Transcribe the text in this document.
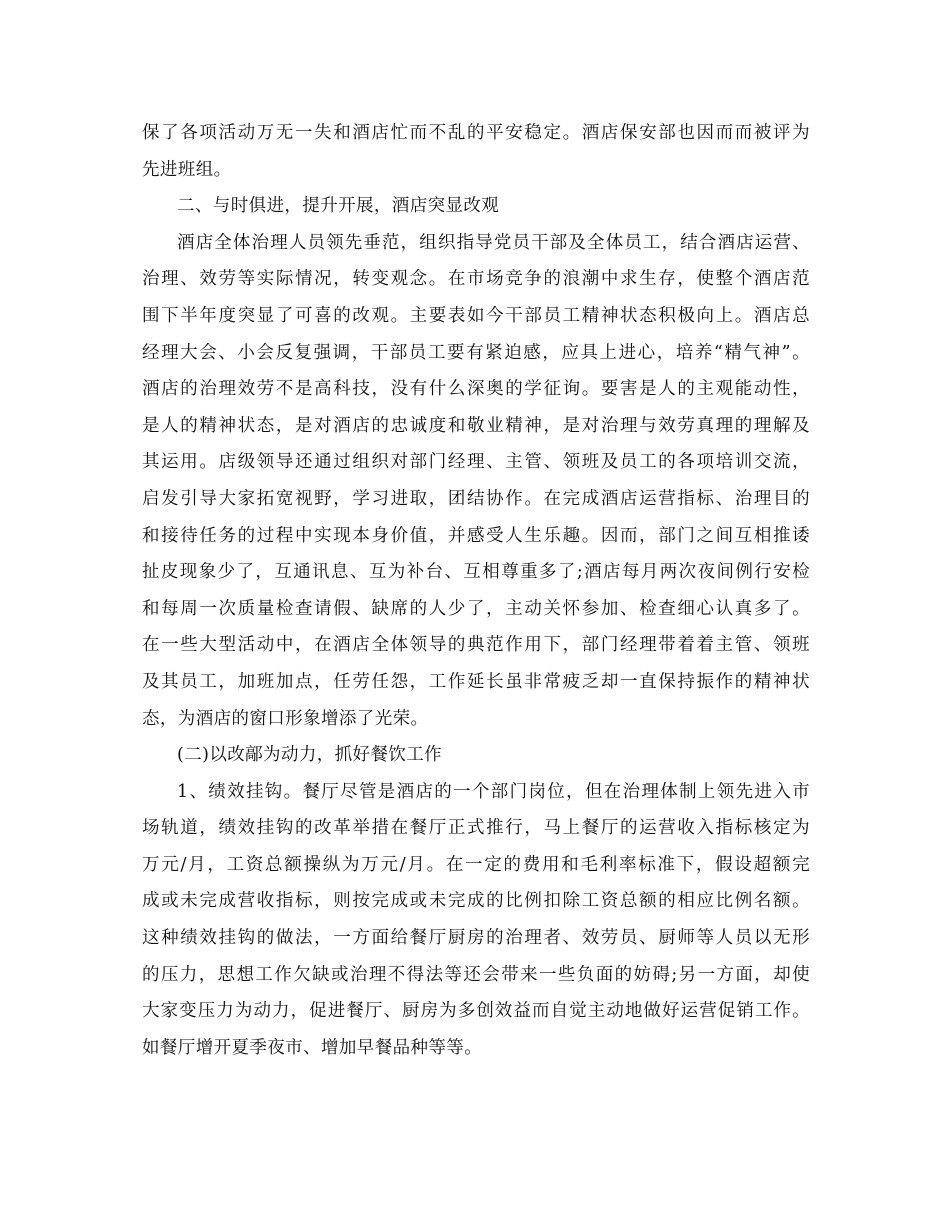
保了各项活动万无一失和酒店忙而不乱的平安稳定。酒店保安部也因而而被评为
先进班组。
二、与时俱进，提升开展，酒店突显改观
酒店全体治理人员领先垂范，组织指导党员干部及全体员工，结合酒店运营、
治理、效劳等实际情况，转变观念。在市场竞争的浪潮中求生存，使整个酒店范
围下半年度突显了可喜的改观。主要表如今干部员工精神状态积极向上。酒店总
经理大会、小会反复强调，干部员工要有紧迫感，应具上进心，培养“精气神”。
酒店的治理效劳不是高科技，没有什么深奥的学征询。要害是人的主观能动性，
是人的精神状态，是对酒店的忠诚度和敬业精神，是对治理与效劳真理的理解及
其运用。店级领导还通过组织对部门经理、主管、领班及员工的各项培训交流，
启发引导大家拓宽视野，学习进取，团结协作。在完成酒店运营指标、治理目的
和接待任务的过程中实现本身价值，并感受人生乐趣。因而，部门之间互相推诿
扯皮现象少了，互通讯息、互为补台、互相尊重多了;酒店每月两次夜间例行安检
和每周一次质量检查请假、缺席的人少了，主动关怀参加、检查细心认真多了。
在一些大型活动中，在酒店全体领导的典范作用下，部门经理带着着主管、领班
及其员工，加班加点，任劳任怨，工作延长虽非常疲乏却一直保持振作的精神状
态，为酒店的窗口形象增添了光荣。
(二)以改鄗为动力，抓好餐饮工作
1、绩效挂钩。餐厅尽管是酒店的一个部门岗位，但在治理体制上领先进入市
场轨道，绩效挂钩的改革举措在餐厅正式推行，马上餐厅的运营收入指标核定为
万元/月，工资总额操纵为万元/月。在一定的费用和毛利率标准下，假设超额完
成或未完成营收指标，则按完成或未完成的比例扣除工资总额的相应比例名额。
这种绩效挂钩的做法，一方面给餐厅厨房的治理者、效劳员、厨师等人员以无形
的压力，思想工作欠缺或治理不得法等还会带来一些负面的妨碍;另一方面，却使
大家变压力为动力，促进餐厅、厨房为多创效益而自觉主动地做好运营促销工作。
如餐厅增开夏季夜市、增加早餐品种等等。
